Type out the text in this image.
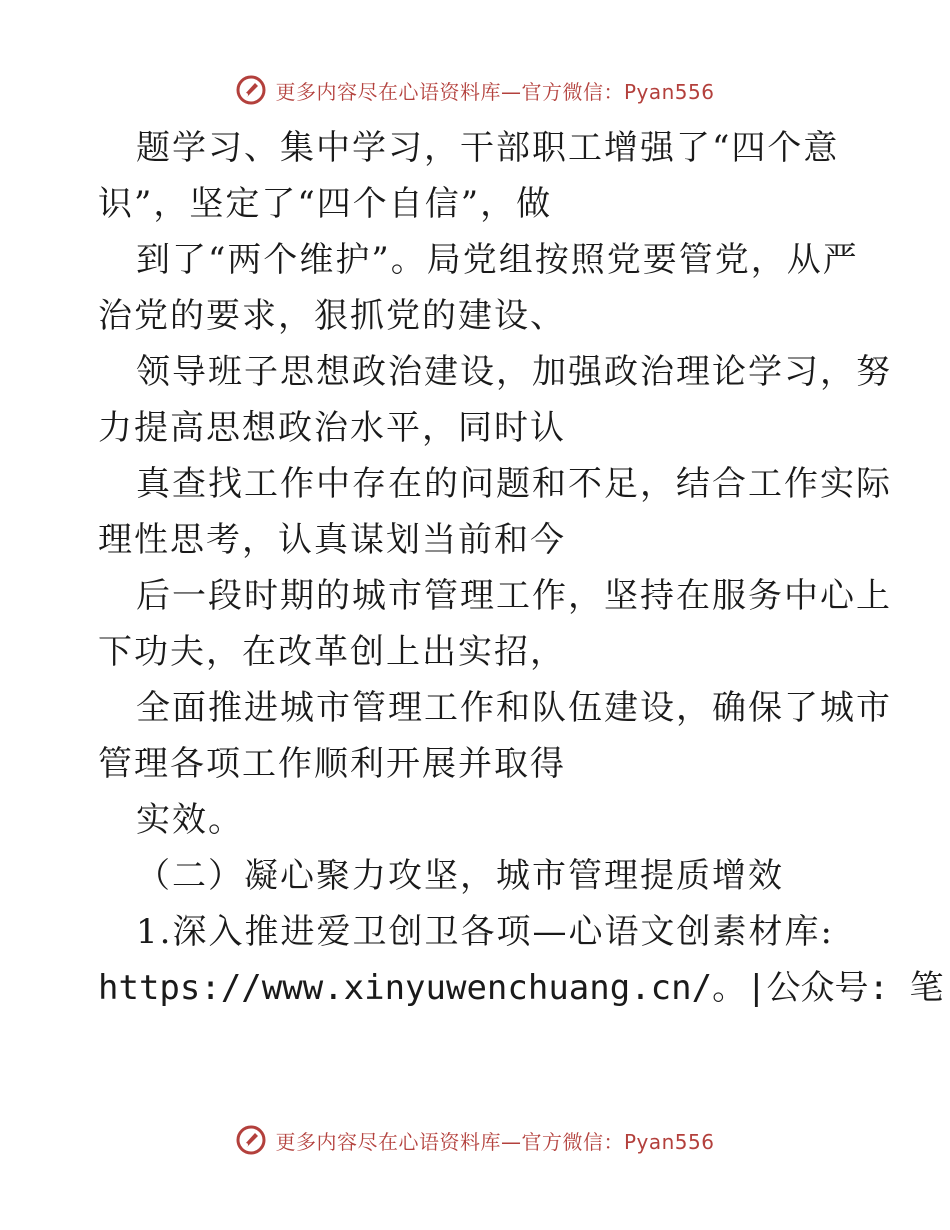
更多内容尽在心语资料库—官方微信：Pyan556
题学习、集中学习，干部职工增强了“四个意
识”，坚定了“四个自信”，做
到了“两个维护”。局党组按照党要管党，从严
治党的要求，狠抓党的建设、
领导班子思想政治建设，加强政治理论学习，努
力提高思想政治水平，同时认
真查找工作中存在的问题和不足，结合工作实际
理性思考，认真谋划当前和今
后一段时期的城市管理工作，坚持在服务中心上
下功夫，在改革创上出实招，
全面推进城市管理工作和队伍建设，确保了城市
管理各项工作顺利开展并取得
实效。
（二）凝心聚力攻坚，城市管理提质增效
1.深入推进爱卫创卫各项—心语文创素材库:
https://www.xinyuwenchuang.cn/。|公众号: 笔
更多内容尽在心语资料库—官方微信：Pyan556
